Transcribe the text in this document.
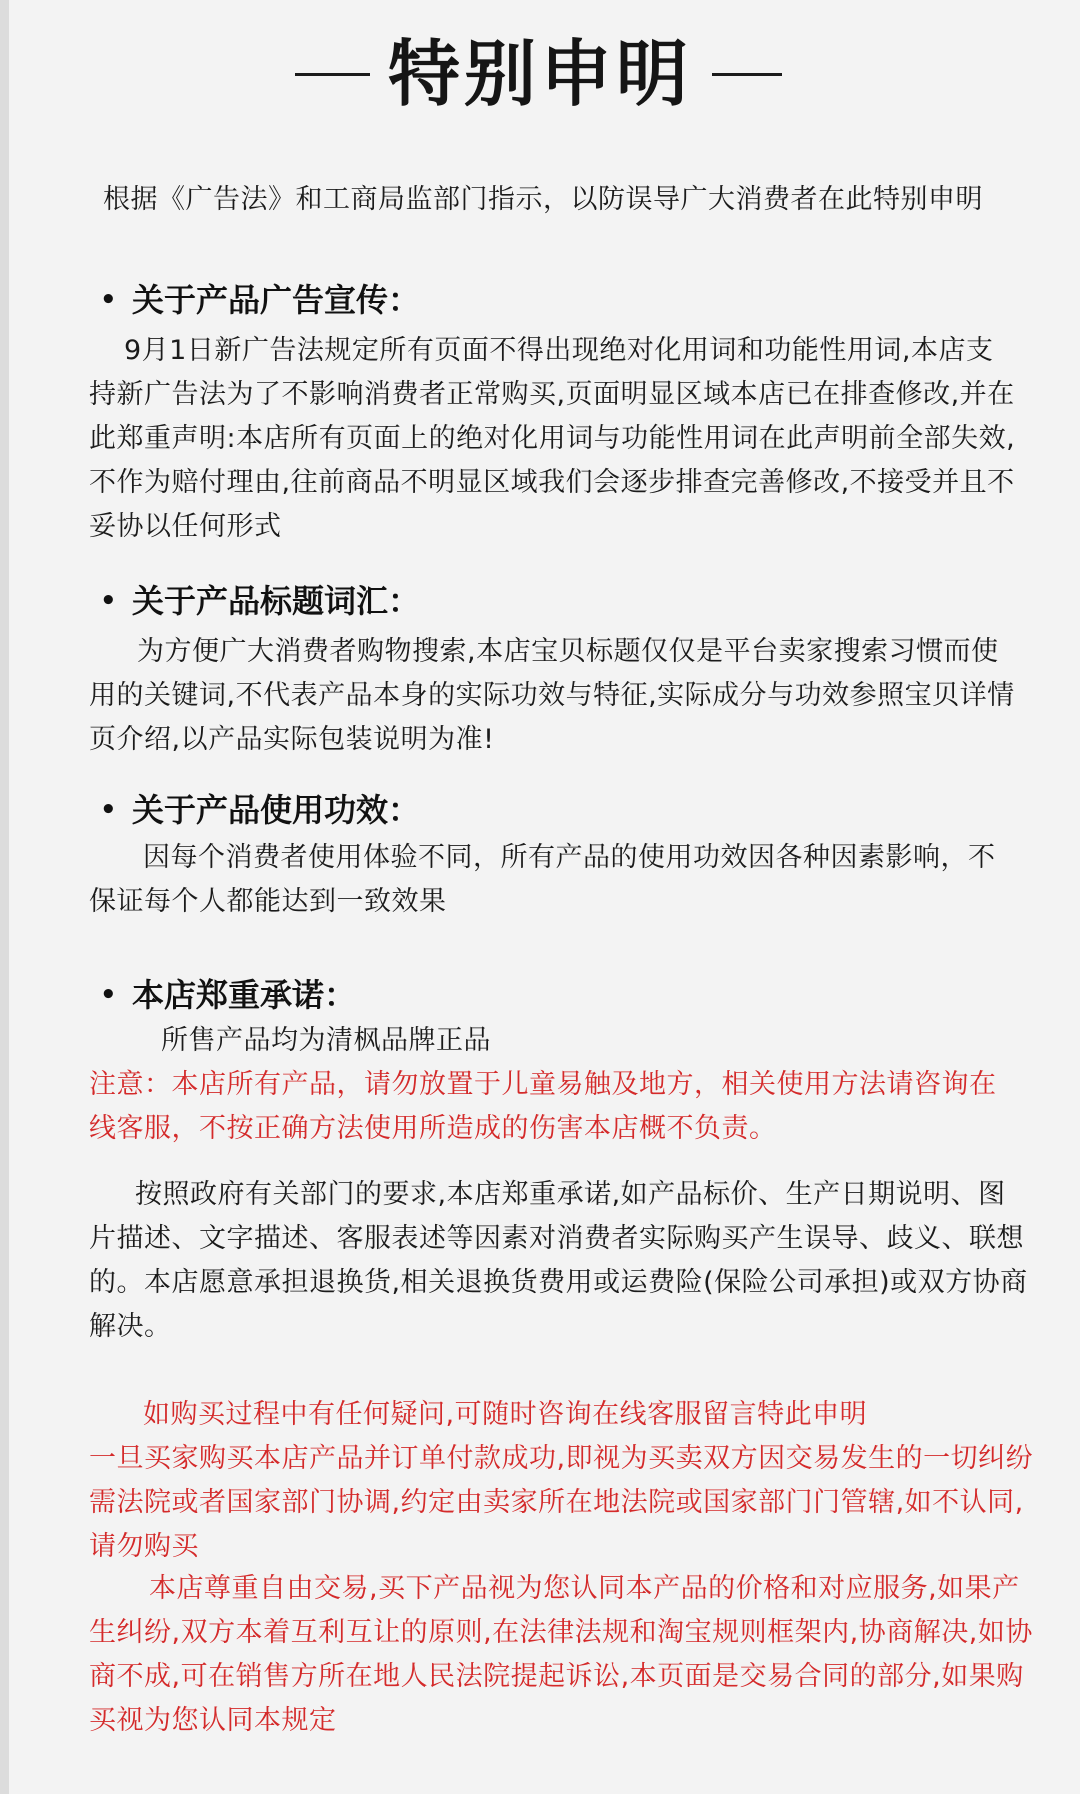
特别申明
根据《广告法》和工商局监部门指示，以防误导广大消费者在此特别申明
• 关于产品广告宣传：
9月1日新广告法规定所有页面不得出现绝对化用词和功能性用词,本店支
持新广告法为了不影响消费者正常购买,页面明显区域本店已在排查修改,并在
此郑重声明:本店所有页面上的绝对化用词与功能性用词在此声明前全部失效,
不作为赔付理由,往前商品不明显区域我们会逐步排查完善修改,不接受并且不
妥协以任何形式
• 关于产品标题词汇：
为方便广大消费者购物搜索,本店宝贝标题仅仅是平台卖家搜索习惯而使
用的关键词,不代表产品本身的实际功效与特征,实际成分与功效参照宝贝详情
页介绍,以产品实际包装说明为准!
• 关于产品使用功效：
因每个消费者使用体验不同，所有产品的使用功效因各种因素影响，不
保证每个人都能达到一致效果
• 本店郑重承诺：
所售产品均为清枫品牌正品
注意：本店所有产品，请勿放置于儿童易触及地方，相关使用方法请咨询在
线客服，不按正确方法使用所造成的伤害本店概不负责。
按照政府有关部门的要求,本店郑重承诺,如产品标价、生产日期说明、图
片描述、文字描述、客服表述等因素对消费者实际购买产生误导、歧义、联想
的。本店愿意承担退换货,相关退换货费用或运费险(保险公司承担)或双方协商
解决。
如购买过程中有任何疑问,可随时咨询在线客服留言特此申明
一旦买家购买本店产品并订单付款成功,即视为买卖双方因交易发生的一切纠纷
需法院或者国家部门协调,约定由卖家所在地法院或国家部门门管辖,如不认同,
请勿购买
本店尊重自由交易,买下产品视为您认同本产品的价格和对应服务,如果产
生纠纷,双方本着互利互让的原则,在法律法规和淘宝规则框架内,协商解决,如协
商不成,可在销售方所在地人民法院提起诉讼,本页面是交易合同的部分,如果购
买视为您认同本规定
